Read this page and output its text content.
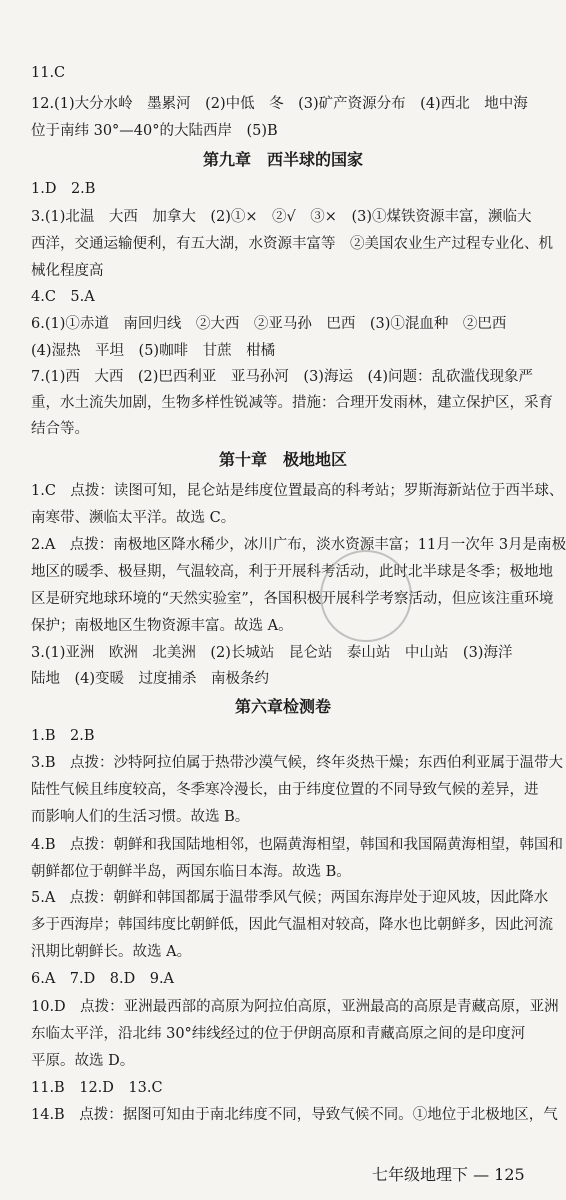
11.C
12.(1)大分水岭　墨累河　(2)中低　冬　(3)矿产资源分布　(4)西北　地中海
位于南纬 30°—40°的大陆西岸　(5)B
第九章　西半球的国家
1.D　2.B
3.(1)北温　大西　加拿大　(2)①×　②√　③×　(3)①煤铁资源丰富，濒临大
西洋，交通运输便利，有五大湖，水资源丰富等　②美国农业生产过程专业化、机
械化程度高
4.C　5.A
6.(1)①赤道　南回归线　②大西　②亚马孙　巴西　(3)①混血种　②巴西
(4)湿热　平坦　(5)咖啡　甘蔗　柑橘
7.(1)西　大西　(2)巴西利亚　亚马孙河　(3)海运　(4)问题：乱砍滥伐现象严
重，水土流失加剧，生物多样性锐减等。措施：合理开发雨林，建立保护区，采育
结合等。
第十章　极地地区
1.C　点拨：读图可知，昆仑站是纬度位置最高的科考站；罗斯海新站位于西半球、
南寒带、濒临太平洋。故选 C。
2.A　点拨：南极地区降水稀少，冰川广布，淡水资源丰富；11月一次年 3月是南极
地区的暖季、极昼期，气温较高，利于开展科考活动，此时北半球是冬季；极地地
区是研究地球环境的“天然实验室”，各国积极开展科学考察活动，但应该注重环境
保护；南极地区生物资源丰富。故选 A。
3.(1)亚洲　欧洲　北美洲　(2)长城站　昆仑站　泰山站　中山站　(3)海洋
陆地　(4)变暖　过度捕杀　南极条约
第六章检测卷
1.B　2.B
3.B　点拨：沙特阿拉伯属于热带沙漠气候，终年炎热干燥；东西伯利亚属于温带大
陆性气候且纬度较高，冬季寒冷漫长，由于纬度位置的不同导致气候的差异，进
而影响人们的生活习惯。故选 B。
4.B　点拨：朝鲜和我国陆地相邻，也隔黄海相望，韩国和我国隔黄海相望，韩国和
朝鲜都位于朝鲜半岛，两国东临日本海。故选 B。
5.A　点拨：朝鲜和韩国都属于温带季风气候；两国东海岸处于迎风坡，因此降水
多于西海岸；韩国纬度比朝鲜低，因此气温相对较高，降水也比朝鲜多，因此河流
汛期比朝鲜长。故选 A。
6.A　7.D　8.D　9.A
10.D　点拨：亚洲最西部的高原为阿拉伯高原，亚洲最高的高原是青藏高原，亚洲
东临太平洋，沿北纬 30°纬线经过的位于伊朗高原和青藏高原之间的是印度河
平原。故选 D。
11.B　12.D　13.C
14.B　点拨：据图可知由于南北纬度不同，导致气候不同。①地位于北极地区，气
七年级地理下 — 125
